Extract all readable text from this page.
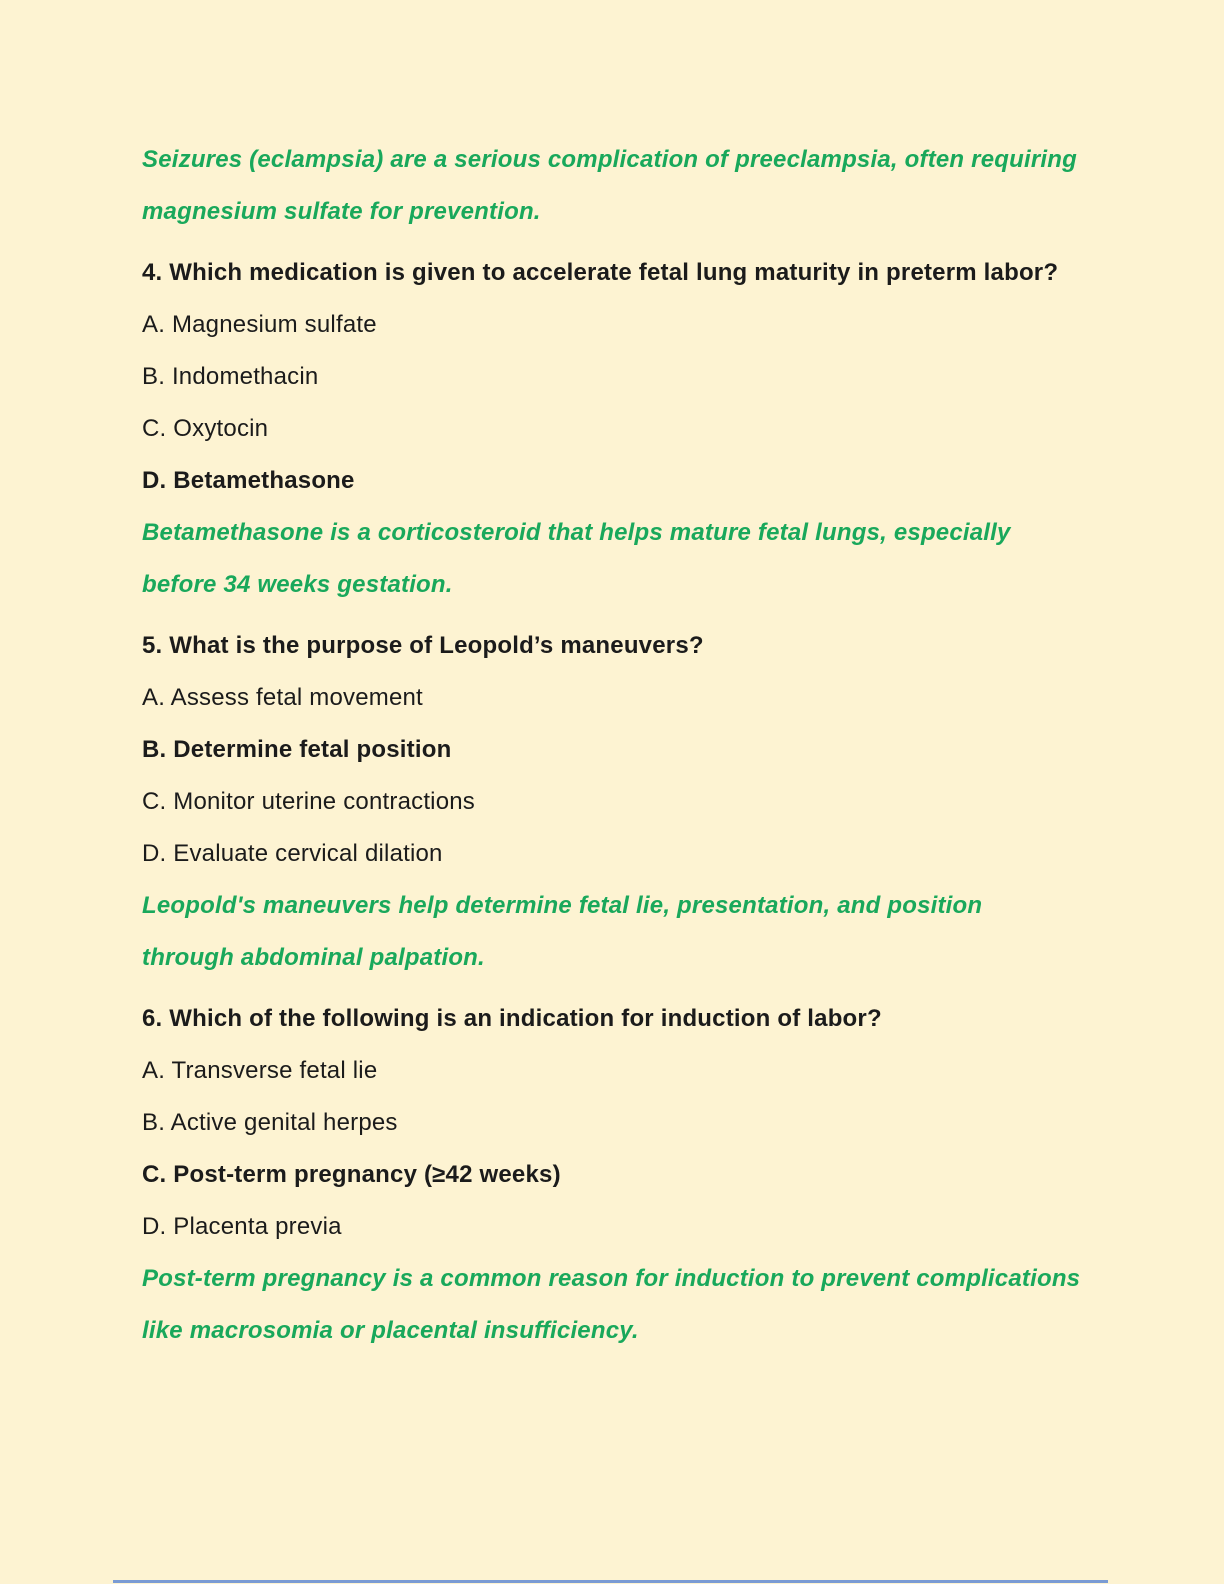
Seizures (eclampsia) are a serious complication of preeclampsia, often requiring
magnesium sulfate for prevention.

4. Which medication is given to accelerate fetal lung maturity in preterm labor?

A. Magnesium sulfate

B. Indomethacin

C. Oxytocin

D. Betamethasone

Betamethasone is a corticosteroid that helps mature fetal lungs, especially
before 34 weeks gestation.

5. What is the purpose of Leopold’s maneuvers?

A. Assess fetal movement

B. Determine fetal position

C. Monitor uterine contractions

D. Evaluate cervical dilation

Leopold's maneuvers help determine fetal lie, presentation, and position
through abdominal palpation.

6. Which of the following is an indication for induction of labor?

A. Transverse fetal lie

B. Active genital herpes

C. Post-term pregnancy (≥42 weeks)

D. Placenta previa

Post-term pregnancy is a common reason for induction to prevent complications
like macrosomia or placental insufficiency.
